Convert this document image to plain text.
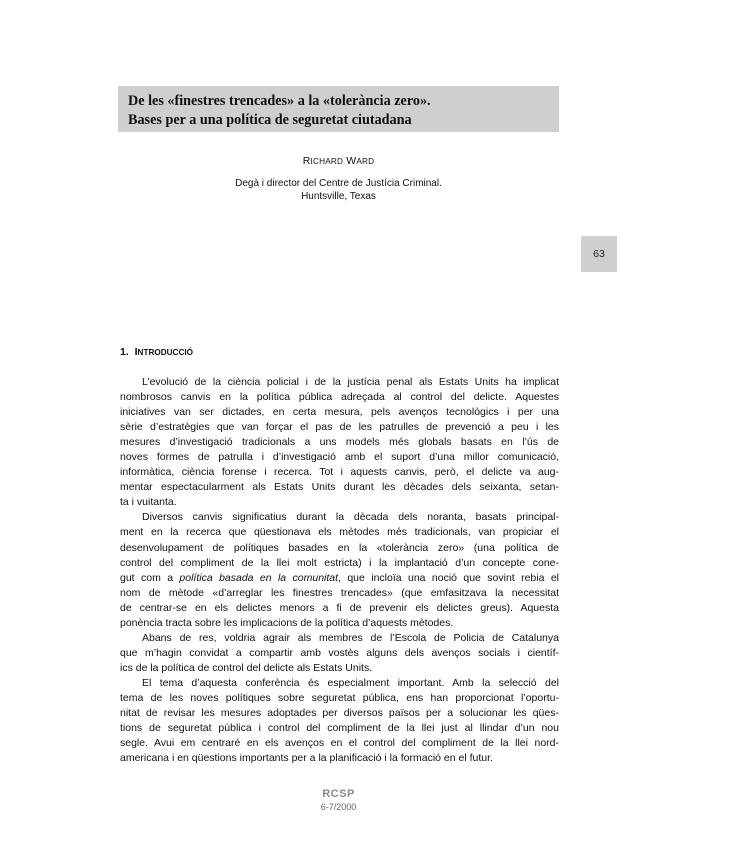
De les «finestres trencades» a la «tolerància zero».
Bases per a una política de seguretat ciutadana
RICHARD WARD
Degà i director del Centre de Justícia Criminal.
Huntsville, Texas
63
1. INTRODUCCIÓ
L’evolució de la ciència policial i de la justícia penal als Estats Units ha implicat
nombrosos canvis en la política pública adreçada al control del delicte. Aquestes
iniciatives van ser dictades, en certa mesura, pels avenços tecnològics i per una
sèrie d’estratègies que van forçar el pas de les patrulles de prevenció a peu i les
mesures d’investigació tradicionals a uns models més globals basats en l’ús de
noves formes de patrulla i d’investigació amb el suport d’una millor comunicació,
informàtica, ciència forense i recerca. Tot i aquests canvis, però, el delicte va aug-
mentar espectacularment als Estats Units durant les dècades dels seixanta, setan-
ta i vuitanta.
Diversos canvis significatius durant la dècada dels noranta, basats principal-
ment en la recerca que qüestionava els mètodes més tradicionals, van propiciar el
desenvolupament de polítiques basades en la «tolerància zero» (una política de
control del compliment de la llei molt estricta) i la implantació d’un concepte cone-
gut com a política basada en la comunitat, que incloïa una noció que sovint rebia el
nom de mètode «d’arreglar les finestres trencades» (que emfasitzava la necessitat
de centrar-se en els delictes menors a fi de prevenir els delictes greus). Aquesta
ponència tracta sobre les implicacions de la política d’aquests mètodes.
Abans de res, voldria agrair als membres de l’Escola de Policia de Catalunya
que m’hagin convidat a compartir amb vostès alguns dels avenços socials i científ-
ics de la política de control del delicte als Estats Units.
El tema d’aquesta conferència és especialment important. Amb la selecció del
tema de les noves polítiques sobre seguretat pública, ens han proporcionat l’oportu-
nitat de revisar les mesures adoptades per diversos països per a solucionar les qües-
tions de seguretat pública i control del compliment de la llei just al llindar d’un nou
segle. Avui em centraré en els avenços en el control del compliment de la llei nord-
americana i en qüestions importants per a la planificació i la formació en el futur.
RCSP
6-7/2000
